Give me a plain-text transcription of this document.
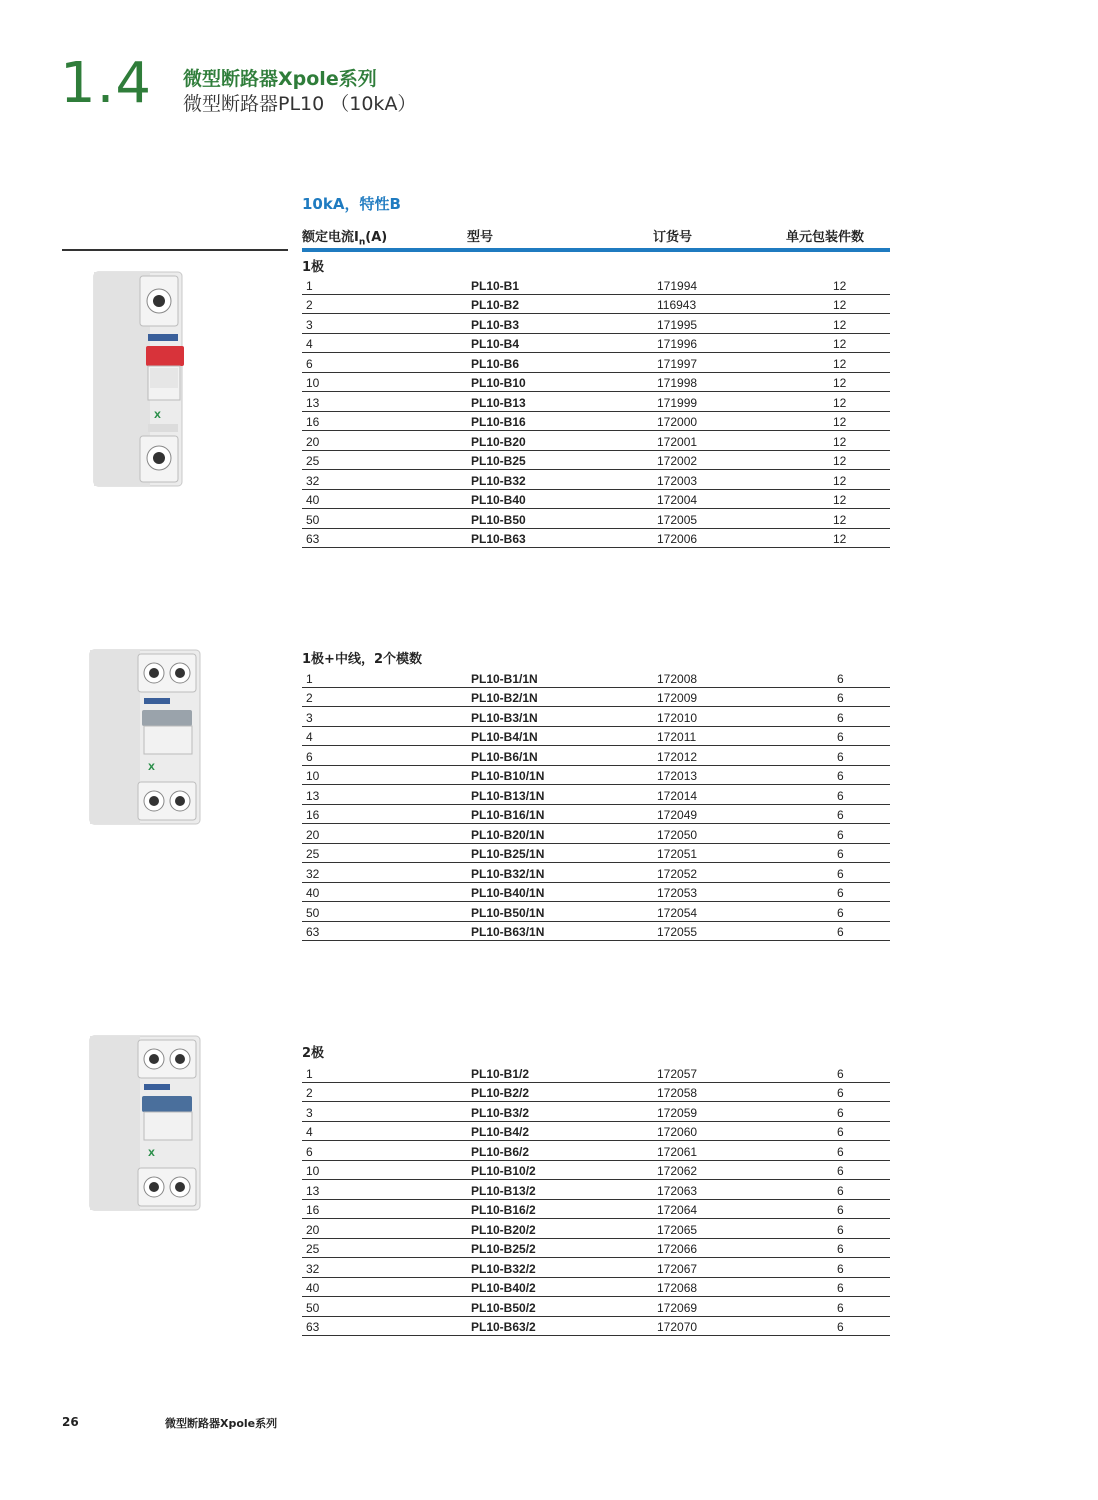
1.4 微型断路器Xpole系列
微型断路器PL10 （10kA）
10kA，特性B
额定电流$I_n(A)$	型号	订货号	单元包装件数
1极
1	PL10-B1	171994	12
2	PL10-B2	116943	12
3	PL10-B3	171995	12
4	PL10-B4	171996	12
6	PL10-B6	171997	12
10	PL10-B10	171998	12
13	PL10-B13	171999	12
16	PL10-B16	172000	12
20	PL10-B20	172001	12
25	PL10-B25	172002	12
32	PL10-B32	172003	12
40	PL10-B40	172004	12
50	PL10-B50	172005	12
63	PL10-B63	172006	12
1极+中线，2个模数
1	PL10-B1/1N	172008	6
2	PL10-B2/1N	172009	6
3	PL10-B3/1N	172010	6
4	PL10-B4/1N	172011	6
6	PL10-B6/1N	172012	6
10	PL10-B10/1N	172013	6
13	PL10-B13/1N	172014	6
16	PL10-B16/1N	172049	6
20	PL10-B20/1N	172050	6
25	PL10-B25/1N	172051	6
32	PL10-B32/1N	172052	6
40	PL10-B40/1N	172053	6
50	PL10-B50/1N	172054	6
63	PL10-B63/1N	172055	6
2极
1	PL10-B1/2	172057	6
2	PL10-B2/2	172058	6
3	PL10-B3/2	172059	6
4	PL10-B4/2	172060	6
6	PL10-B6/2	172061	6
10	PL10-B10/2	172062	6
13	PL10-B13/2	172063	6
16	PL10-B16/2	172064	6
20	PL10-B20/2	172065	6
25	PL10-B25/2	172066	6
32	PL10-B32/2	172067	6
40	PL10-B40/2	172068	6
50	PL10-B50/2	172069	6
63	PL10-B63/2	172070	6
X
X
X
26	微型断路器Xpole系列
